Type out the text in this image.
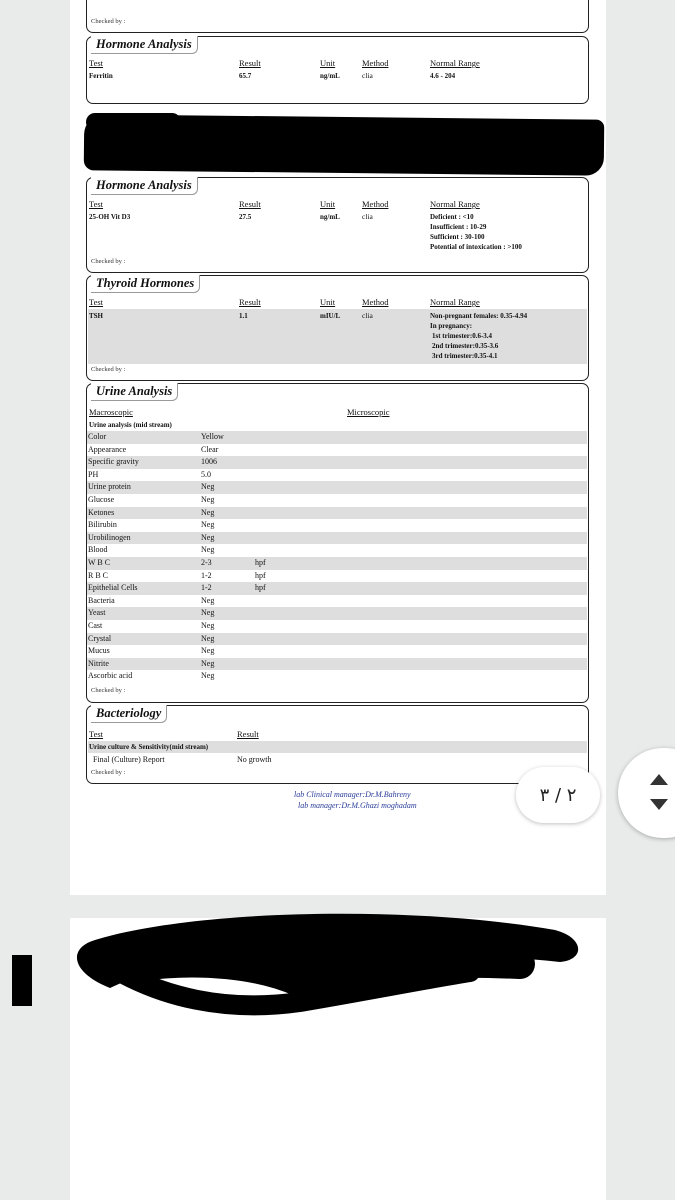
Checked by :
Hormone Analysis
Test	Result	Unit	Method	Normal Range
Ferritin	65.7	ng/mL	clia	4.6 - 204
Hormone Analysis
Test	Result	Unit	Method	Normal Range
25-OH Vit D3	27.5	ng/mL	clia	Deficient : <10
Insufficient : 10-29
Sufficient : 30-100
Potential of intoxication : >100
Checked by :
Thyroid Hormones
Test	Result	Unit	Method	Normal Range
TSH	1.1	mIU/L	clia	Non-pregnant females: 0.35-4.94
In pregnancy:
1st trimester:0.6-3.4
2nd trimester:0.35-3.6
3rd trimester:0.35-4.1
Checked by :
Urine Analysis
Macroscopic	Microscopic
Urine analysis (mid stream)
Color	Yellow
Appearance	Clear
Specific gravity	1006
PH	5.0
Urine protein	Neg
Glucose	Neg
Ketones	Neg
Bilirubin	Neg
Urobilinogen	Neg
Blood	Neg
W B C	2-3	hpf
R B C	1-2	hpf
Epithelial Cells	1-2	hpf
Bacteria	Neg
Yeast	Neg
Cast	Neg
Crystal	Neg
Mucus	Neg
Nitrite	Neg
Ascorbic acid	Neg
Checked by :
Bacteriology
Test	Result
Urine culture & Sensitivity(mid stream)
Final (Culture) Report	No growth
Checked by :
lab Clinical manager:Dr.M.Bahreny
lab manager:Dr.M.Ghazi moghadam	۳ / ۲
